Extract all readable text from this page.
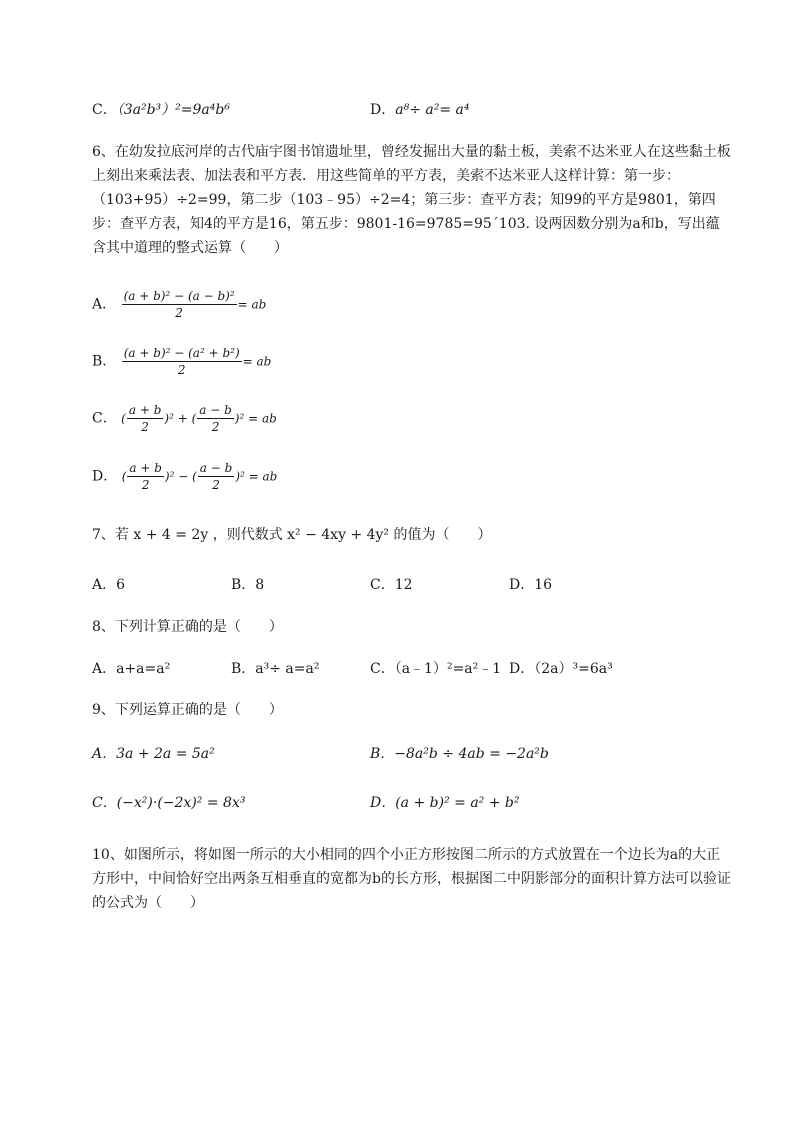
C．（3a²b³）²=9a⁴b⁶	D．a⁸÷ a²= a⁴
6、在幼发拉底河岸的古代庙宇图书馆遗址里，曾经发掘出大量的黏土板，美索不达米亚人在这些黏土板上刻出来乘法表、加法表和平方表．用这些简单的平方表，美索不达米亚人这样计算：第一步：（103+95）÷2=99，第二步（103﹣95）÷2=4；第三步：查平方表；知99的平方是9801，第四步：查平方表，知4的平方是16，第五步：9801-16=9785=95´103. 设两因数分别为a和b，写出蕴含其中道理的整式运算（　　）
A． $\frac{\text{(a + b)² − (a − b)²}}{2}$ = ab
B． $\frac{\text{(a + b)² − (a² + b²)}}{2}$ = ab
C． ( $\frac{a + b}{2} )^2$ + ( $\frac{a - b}{2} )^2$ = ab
D． ( $\frac{a + b}{2} )^2$ − ( $\frac{a - b}{2} )^2$ = ab
7、若 x + 4 = 2y ，则代数式 x² − 4xy + 4y² 的值为（　　）
A．6	B．8	C．12	D．16
8、下列计算正确的是（　　）
A．a+a=a²	B．a³÷ a=a²	C．（a﹣1）²=a²﹣1 D．（2a）³=6a³
9、下列运算正确的是（　　）
A．3a + 2a = 5a²	B．−8a²b ÷ 4ab = −2a²b
C．(−x²)·(−2x)² = 8x³	D．(a + b)² = a² + b²
10、如图所示，将如图一所示的大小相同的四个小正方形按图二所示的方式放置在一个边长为a的大正方形中，中间恰好空出两条互相垂直的宽都为b的长方形，根据图二中阴影部分的面积计算方法可以验证的公式为（　　）
